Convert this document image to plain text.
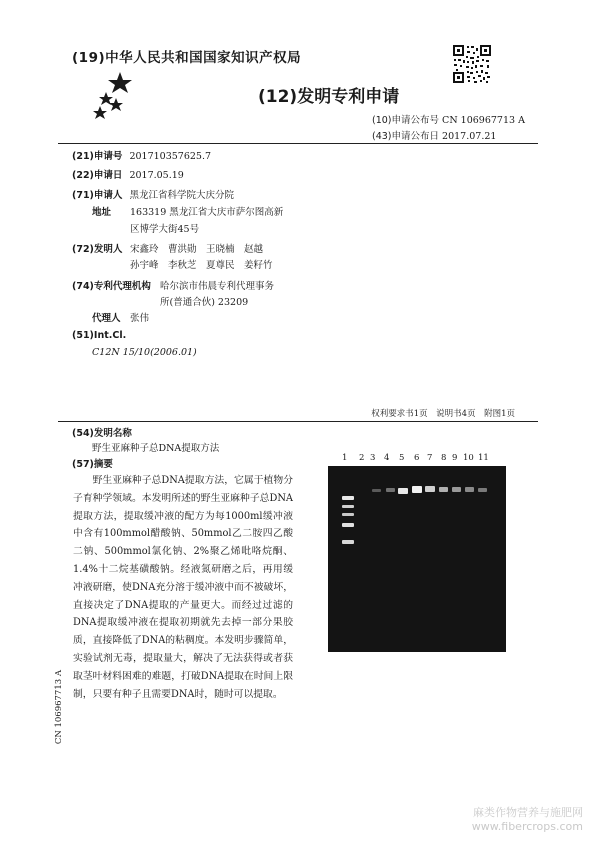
(19)中华人民共和国国家知识产权局
(12)发明专利申请
(10)申请公布号 CN 106967713 A
(43)申请公布日 2017.07.21
(21)申请号 201710357625.7
(22)申请日 2017.05.19
(71)申请人 黑龙江省科学院大庆分院
地址 163319 黑龙江省大庆市萨尔图高新
区博学大街45号
(72)发明人 宋鑫玲　曹洪勋　王晓楠　赵越
孙宇峰　李秋芝　夏尊民　姜籽竹
(74)专利代理机构 哈尔滨市伟晨专利代理事务
所(普通合伙) 23209
代理人 张伟
(51)Int.Cl.
C12N 15/10(2006.01)
权利要求书1页　说明书4页　附图1页
(54)发明名称
野生亚麻种子总DNA提取方法
(57)摘要
野生亚麻种子总DNA提取方法，它属于植物分子育种学领域。本发明所述的野生亚麻种子总DNA提取方法，提取缓冲液的配方为每1000ml缓冲液中含有100mmol醋酸钠、50mmol乙二胺四乙酸二钠、500mmol氯化钠、2%聚乙烯吡咯烷酮、1.4%十二烷基磺酸钠。经液氮研磨之后，再用缓冲液研磨，使DNA充分溶于缓冲液中而不被破坏，直接决定了DNA提取的产量更大。而经过过滤的DNA提取缓冲液在提取初期就先去掉一部分果胶质，直接降低了DNA的粘稠度。本发明步骤简单，实验试剂无毒，提取量大，解决了无法获得或者获取茎叶材料困难的难题，打破DNA提取在时间上限制，只要有种子且需要DNA时，随时可以提取。
CN 106967713 A
1 2 3 4 5 6 7 8 9 10 11
麻类作物营养与施肥网
www.fibercrops.com
